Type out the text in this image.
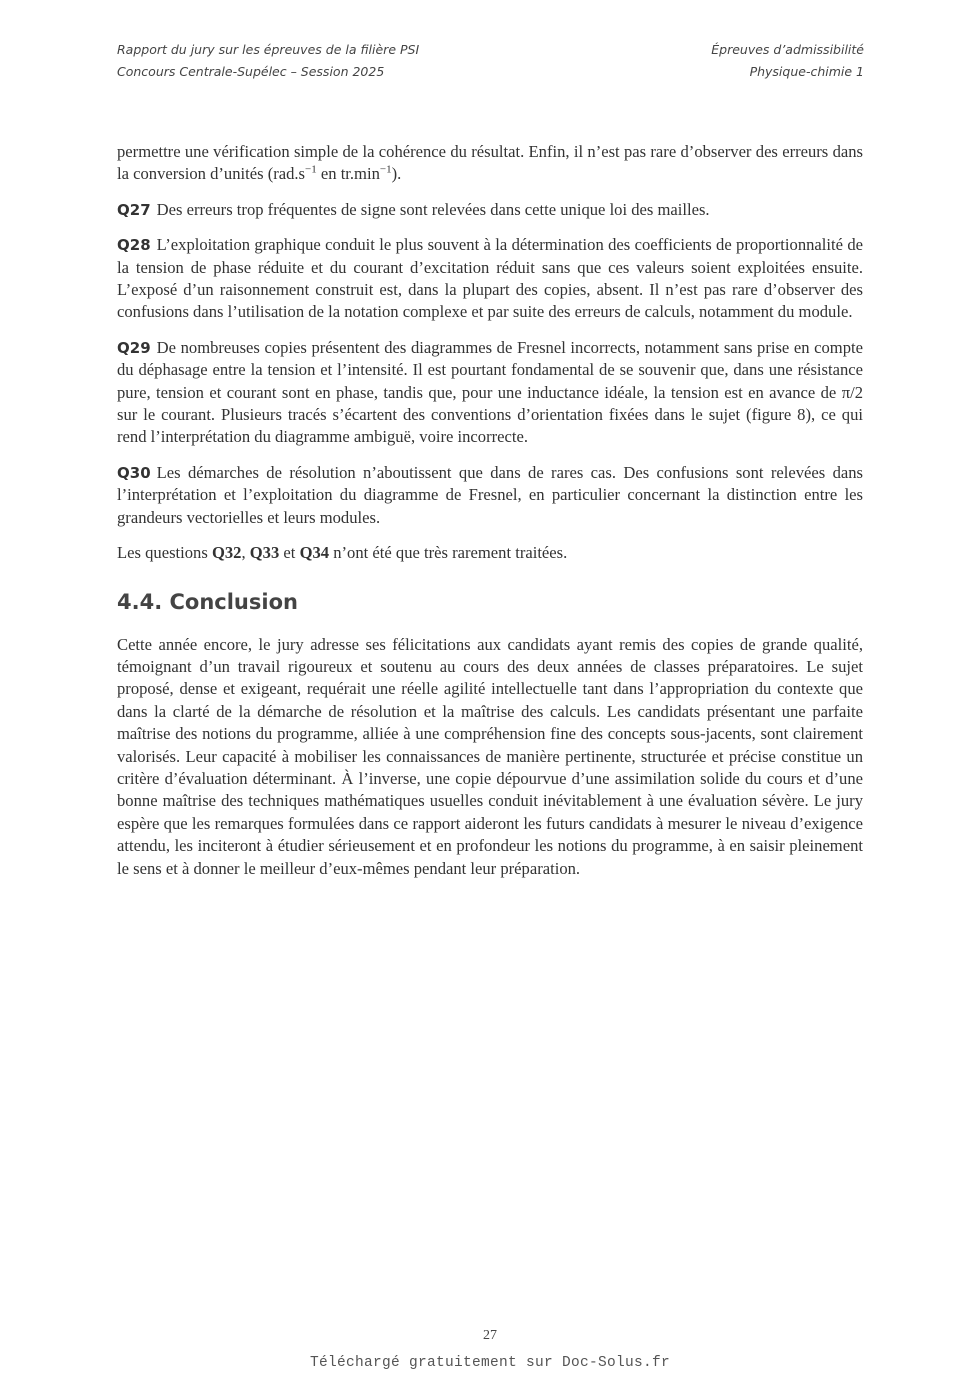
Rapport du jury sur les épreuves de la filière PSI	Épreuves d’admissibilité
Concours Centrale-Supélec – Session 2025	Physique-chimie 1

permettre une vérification simple de la cohérence du résultat. Enfin, il n’est pas rare d’observer des erreurs dans la conversion d’unités ($rad.s^{-1}$ en $tr.\min^{-1}$).

Q27 Des erreurs trop fréquentes de signe sont relevées dans cette unique loi des mailles.

Q28 L’exploitation graphique conduit le plus souvent à la détermination des coefficients de proportionnalité de la tension de phase réduite et du courant d’excitation réduit sans que ces valeurs soient exploitées ensuite. L’exposé d’un raisonnement construit est, dans la plupart des copies, absent. Il n’est pas rare d’observer des confusions dans l’utilisation de la notation complexe et par suite des erreurs de calculs, notamment du module.

Q29 De nombreuses copies présentent des diagrammes de Fresnel incorrects, notamment sans prise en compte du déphasage entre la tension et l’intensité. Il est pourtant fondamental de se souvenir que, dans une résistance pure, tension et courant sont en phase, tandis que, pour une inductance idéale, la tension est en avance de π/2 sur le courant. Plusieurs tracés s’écartent des conventions d’orientation fixées dans le sujet (figure 8), ce qui rend l’interprétation du diagramme ambiguë, voire incorrecte.

Q30 Les démarches de résolution n’aboutissent que dans de rares cas. Des confusions sont relevées dans l’interprétation et l’exploitation du diagramme de Fresnel, en particulier concernant la distinction entre les grandeurs vectorielles et leurs modules.

Les questions Q32, Q33 et Q34 n’ont été que très rarement traitées.

4.4. Conclusion

Cette année encore, le jury adresse ses félicitations aux candidats ayant remis des copies de grande qualité, témoignant d’un travail rigoureux et soutenu au cours des deux années de classes préparatoires. Le sujet proposé, dense et exigeant, requérait une réelle agilité intellectuelle tant dans l’appropriation du contexte que dans la clarté de la démarche de résolution et la maîtrise des calculs. Les candidats présentant une parfaite maîtrise des notions du programme, alliée à une compréhension fine des concepts sous-jacents, sont clairement valorisés. Leur capacité à mobiliser les connaissances de manière pertinente, structurée et précise constitue un critère d’évaluation déterminant. À l’inverse, une copie dépourvue d’une assimilation solide du cours et d’une bonne maîtrise des techniques mathématiques usuelles conduit inévitablement à une évaluation sévère. Le jury espère que les remarques formulées dans ce rapport aideront les futurs candidats à mesurer le niveau d’exigence attendu, les inciteront à étudier sérieusement et en profondeur les notions du programme, à en saisir pleinement le sens et à donner le meilleur d’eux-mêmes pendant leur préparation.

27
Téléchargé gratuitement sur Doc-Solus.fr
